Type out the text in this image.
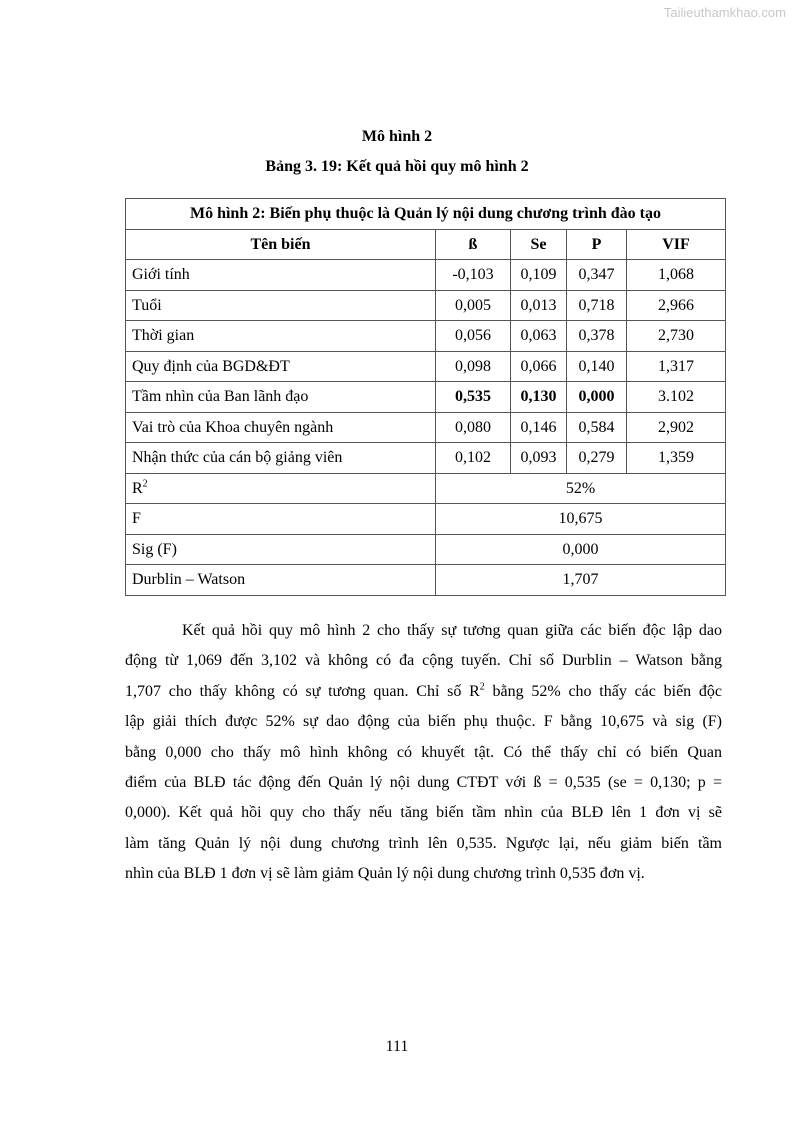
Tailieuthamkhao.com
Mô hình 2
Bảng 3. 19: Kết quả hồi quy mô hình 2
Mô hình 2: Biến phụ thuộc là Quản lý nội dung chương trình đào tạo				
Tên biến	ß	Se	P	VIF
Giới tính	-0,103	0,109	0,347	1,068
Tuổi	0,005	0,013	0,718	2,966
Thời gian	0,056	0,063	0,378	2,730
Quy định của BGD&ĐT	0,098	0,066	0,140	1,317
Tầm nhìn của Ban lãnh đạo	0,535	0,130	0,000	3.102
Vai trò của Khoa chuyên ngành	0,080	0,146	0,584	2,902
Nhận thức của cán bộ giảng viên	0,102	0,093	0,279	1,359
$R^2$	52%			
F	10,675			
Sig (F)	0,000			
Durblin – Watson	1,707			
Kết quả hồi quy mô hình 2 cho thấy sự tương quan giữa các biến độc lập dao
động từ 1,069 đến 3,102 và không có đa cộng tuyến. Chỉ số Durblin – Watson bằng
1,707 cho thấy không có sự tương quan. Chỉ số $R^2$ bằng 52% cho thấy các biến độc
lập giải thích được 52% sự dao động của biến phụ thuộc. F bằng 10,675 và sig (F)
bằng 0,000 cho thấy mô hình không có khuyết tật. Có thể thấy chỉ có biến Quan
điểm của BLĐ tác động đến Quản lý nội dung CTĐT với ß = 0,535 (se = 0,130; p =
0,000). Kết quả hồi quy cho thấy nếu tăng biến tầm nhìn của BLĐ lên 1 đơn vị sẽ
làm tăng Quản lý nội dung chương trình lên 0,535. Ngược lại, nếu giảm biến tầm
nhìn của BLĐ 1 đơn vị sẽ làm giảm Quản lý nội dung chương trình 0,535 đơn vị.
111
